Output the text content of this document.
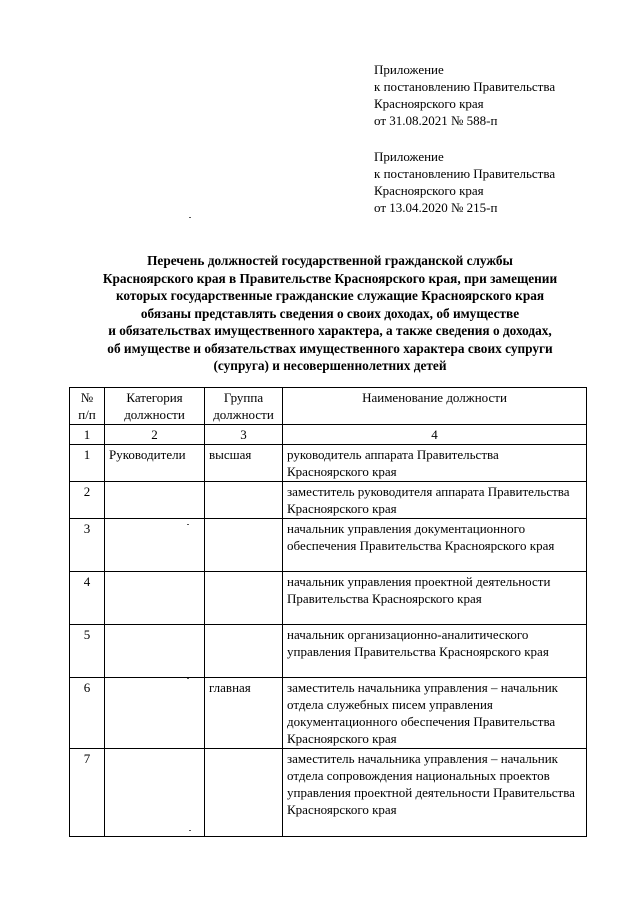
Приложение
к постановлению Правительства
Красноярского края
от 31.08.2021 № 588-п
Приложение
к постановлению Правительства
Красноярского края
от 13.04.2020 № 215-п
Перечень должностей государственной гражданской службы
Красноярского края в Правительстве Красноярского края, при замещении
которых государственные гражданские служащие Красноярского края
обязаны представлять сведения о своих доходах, об имуществе
и обязательствах имущественного характера, а также сведения о доходах,
об имуществе и обязательствах имущественного характера своих супруги
(супруга) и несовершеннолетних детей
№ п/п	Категория должности	Группа должности	Наименование должности
1	2	3	4
1	Руководители	высшая	руководитель аппарата Правительства Красноярского края
2			заместитель руководителя аппарата Правительства Красноярского края
3			начальник управления документационного обеспечения Правительства Красноярского края
4			начальник управления проектной деятельности Правительства Красноярского края
5			начальник организационно-аналитического управления Правительства Красноярского края
6		главная	заместитель начальника управления – начальник отдела служебных писем управления документационного обеспечения Правительства Красноярского края
7			заместитель начальника управления – начальник отдела сопровождения национальных проектов управления проектной деятельности Правительства Красноярского края
